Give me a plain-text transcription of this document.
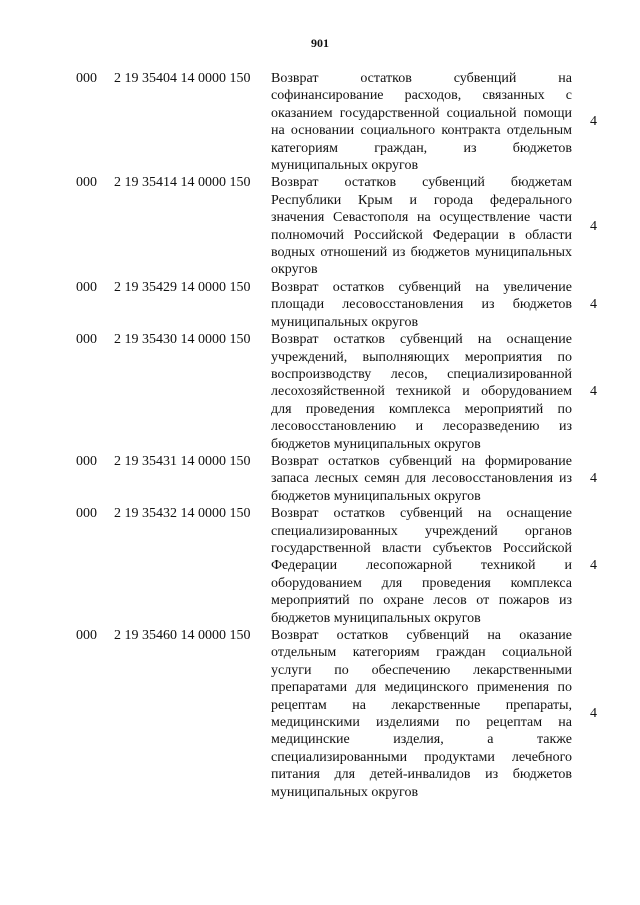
901
000 2 19 35404 14 0000 150 Возврат остатков субвенций на софинансирование расходов, связанных с оказанием государственной социальной помощи на основании социального контракта отдельным категориям граждан, из бюджетов муниципальных округов
4
000 2 19 35414 14 0000 150 Возврат остатков субвенций бюджетам Республики Крым и города федерального значения Севастополя на осуществление части полномочий Российской Федерации в области водных отношений из бюджетов муниципальных округов
4
000 2 19 35429 14 0000 150 Возврат остатков субвенций на увеличение площади лесовосстановления из бюджетов муниципальных округов
4
000 2 19 35430 14 0000 150 Возврат остатков субвенций на оснащение учреждений, выполняющих мероприятия по воспроизводству лесов, специализированной лесохозяйственной техникой и оборудованием для проведения комплекса мероприятий по лесовосстановлению и лесоразведению из бюджетов муниципальных округов
4
000 2 19 35431 14 0000 150 Возврат остатков субвенций на формирование запаса лесных семян для лесовосстановления из бюджетов муниципальных округов
4
000 2 19 35432 14 0000 150 Возврат остатков субвенций на оснащение специализированных учреждений органов государственной власти субъектов Российской Федерации лесопожарной техникой и оборудованием для проведения комплекса мероприятий по охране лесов от пожаров из бюджетов муниципальных округов
4
000 2 19 35460 14 0000 150 Возврат остатков субвенций на оказание отдельным категориям граждан социальной услуги по обеспечению лекарственными препаратами для медицинского применения по рецептам на лекарственные препараты, медицинскими изделиями по рецептам на медицинские изделия, а также специализированными продуктами лечебного питания для детей-инвалидов из бюджетов муниципальных округов
4
